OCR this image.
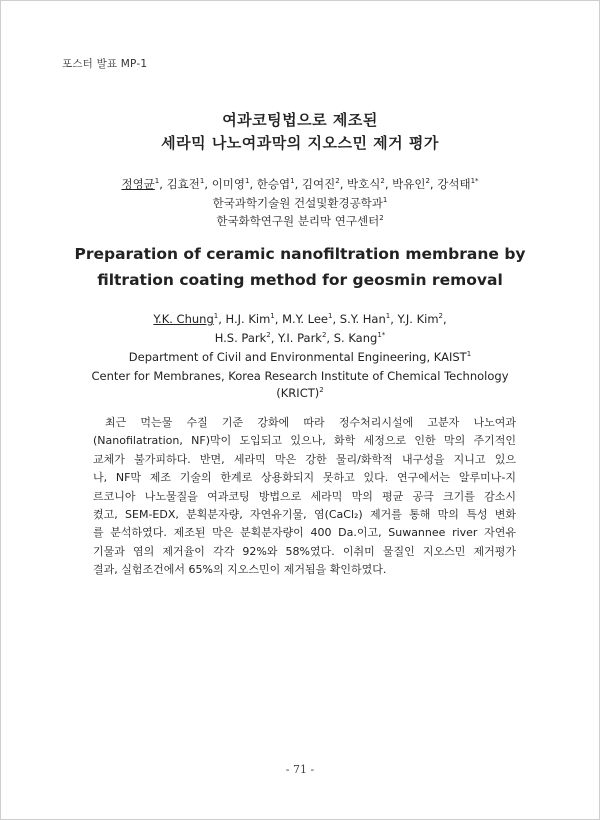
포스터 발표 MP-1
여과코팅법으로 제조된
세라믹 나노여과막의 지오스민 제거 평가
정영균$^1$, 김효전$^1$, 이미영$^1$, 한승엽$^1$, 김여진$^2$, 박호식$^2$, 박유인$^2$, 강석태$^{1*}$
한국과학기술원 건설및환경공학과$^1$
한국화학연구원 분리막 연구센터$^2$
Preparation of ceramic nanofiltration membrane by
filtration coating method for geosmin removal
Y.K. Chung$^1$, H.J. Kim$^1$, M.Y. Lee$^1$, S.Y. Han$^1$, Y.J. Kim$^2$,
H.S. Park$^2$, Y.I. Park$^2$, S. Kang$^{1*}$
Department of Civil and Environmental Engineering, KAIST$^1$
Center for Membranes, Korea Research Institute of Chemical Technology
(KRICT)$^2$
최근 먹는물 수질 기준 강화에 따라 정수처리시설에 고분자 나노여과
(Nanofilatration, NF)막이 도입되고 있으나, 화학 세정으로 인한 막의 주기적인
교체가 불가피하다. 반면, 세라믹 막은 강한 물리/화학적 내구성을 지니고 있으
나, NF막 제조 기술의 한계로 상용화되지 못하고 있다. 연구에서는 알루미나-지
르코니아 나노물질을 여과코팅 방법으로 세라믹 막의 평균 공극 크기를 감소시
켰고, SEM-EDX, 분획분자량, 자연유기물, 염(CaCl₂) 제거를 통해 막의 특성 변화
를 분석하였다. 제조된 막은 분획분자량이 400 Da.이고, Suwannee river 자연유
기물과 염의 제거율이 각각 92%와 58%였다. 이취미 물질인 지오스민 제거평가
결과, 실험조건에서 65%의 지오스민이 제거됨을 확인하였다.
- 71 -
